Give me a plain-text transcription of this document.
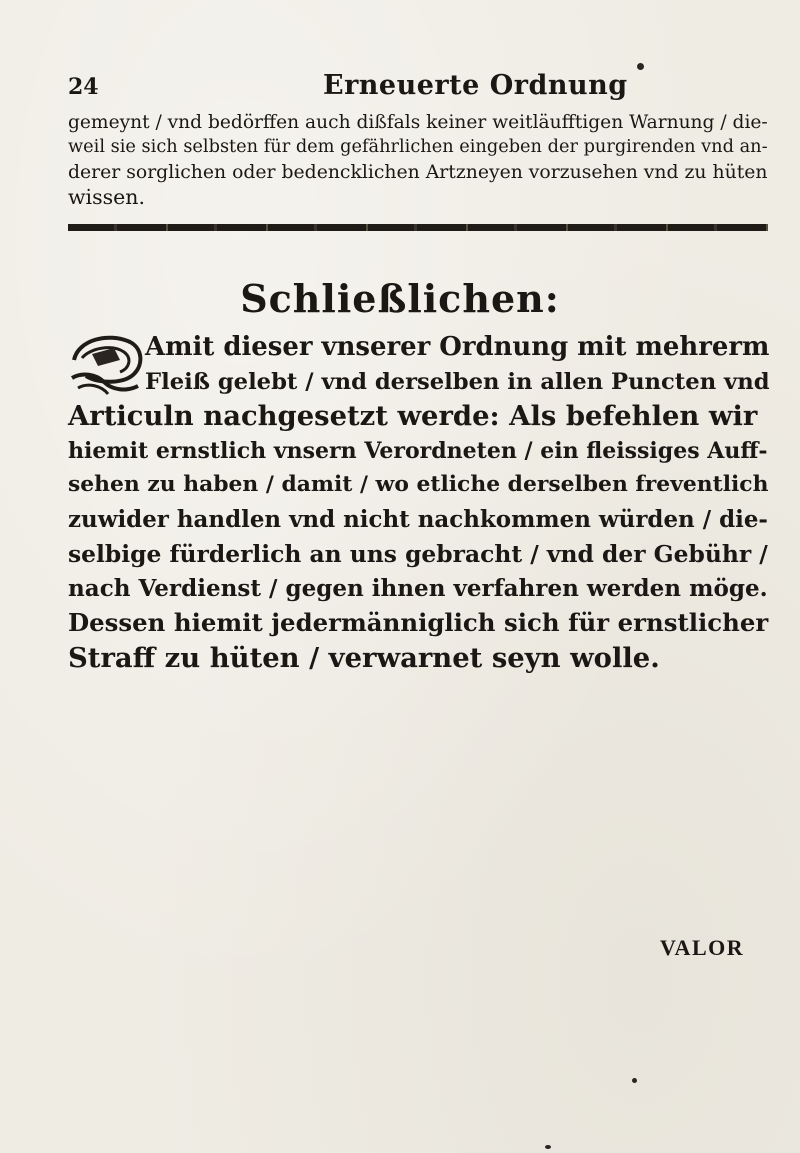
24	Erneuerte Ordnung
gemeynt / vnd bedörffen auch dißfals keiner weitläufftigen Warnung / die-
weil sie sich selbsten für dem gefährlichen eingeben der purgirenden vnd an-
derer sorglichen oder bedencklichen Artzneyen vorzusehen vnd zu hüten
wissen.
Schließlichen:
Amit dieser vnserer Ordnung mit mehrerm
Fleiß gelebt / vnd derselben in allen Puncten vnd
Articuln nachgesetzt werde: Als befehlen wir
hiemit ernstlich vnsern Verordneten / ein fleissiges Auff-
sehen zu haben / damit / wo etliche derselben freventlich
zuwider handlen vnd nicht nachkommen würden / die-
selbige fürderlich an uns gebracht / vnd der Gebühr /
nach Verdienst / gegen ihnen verfahren werden möge.
Dessen hiemit jedermänniglich sich für ernstlicher
Straff zu hüten / verwarnet seyn wolle.
VALOR
